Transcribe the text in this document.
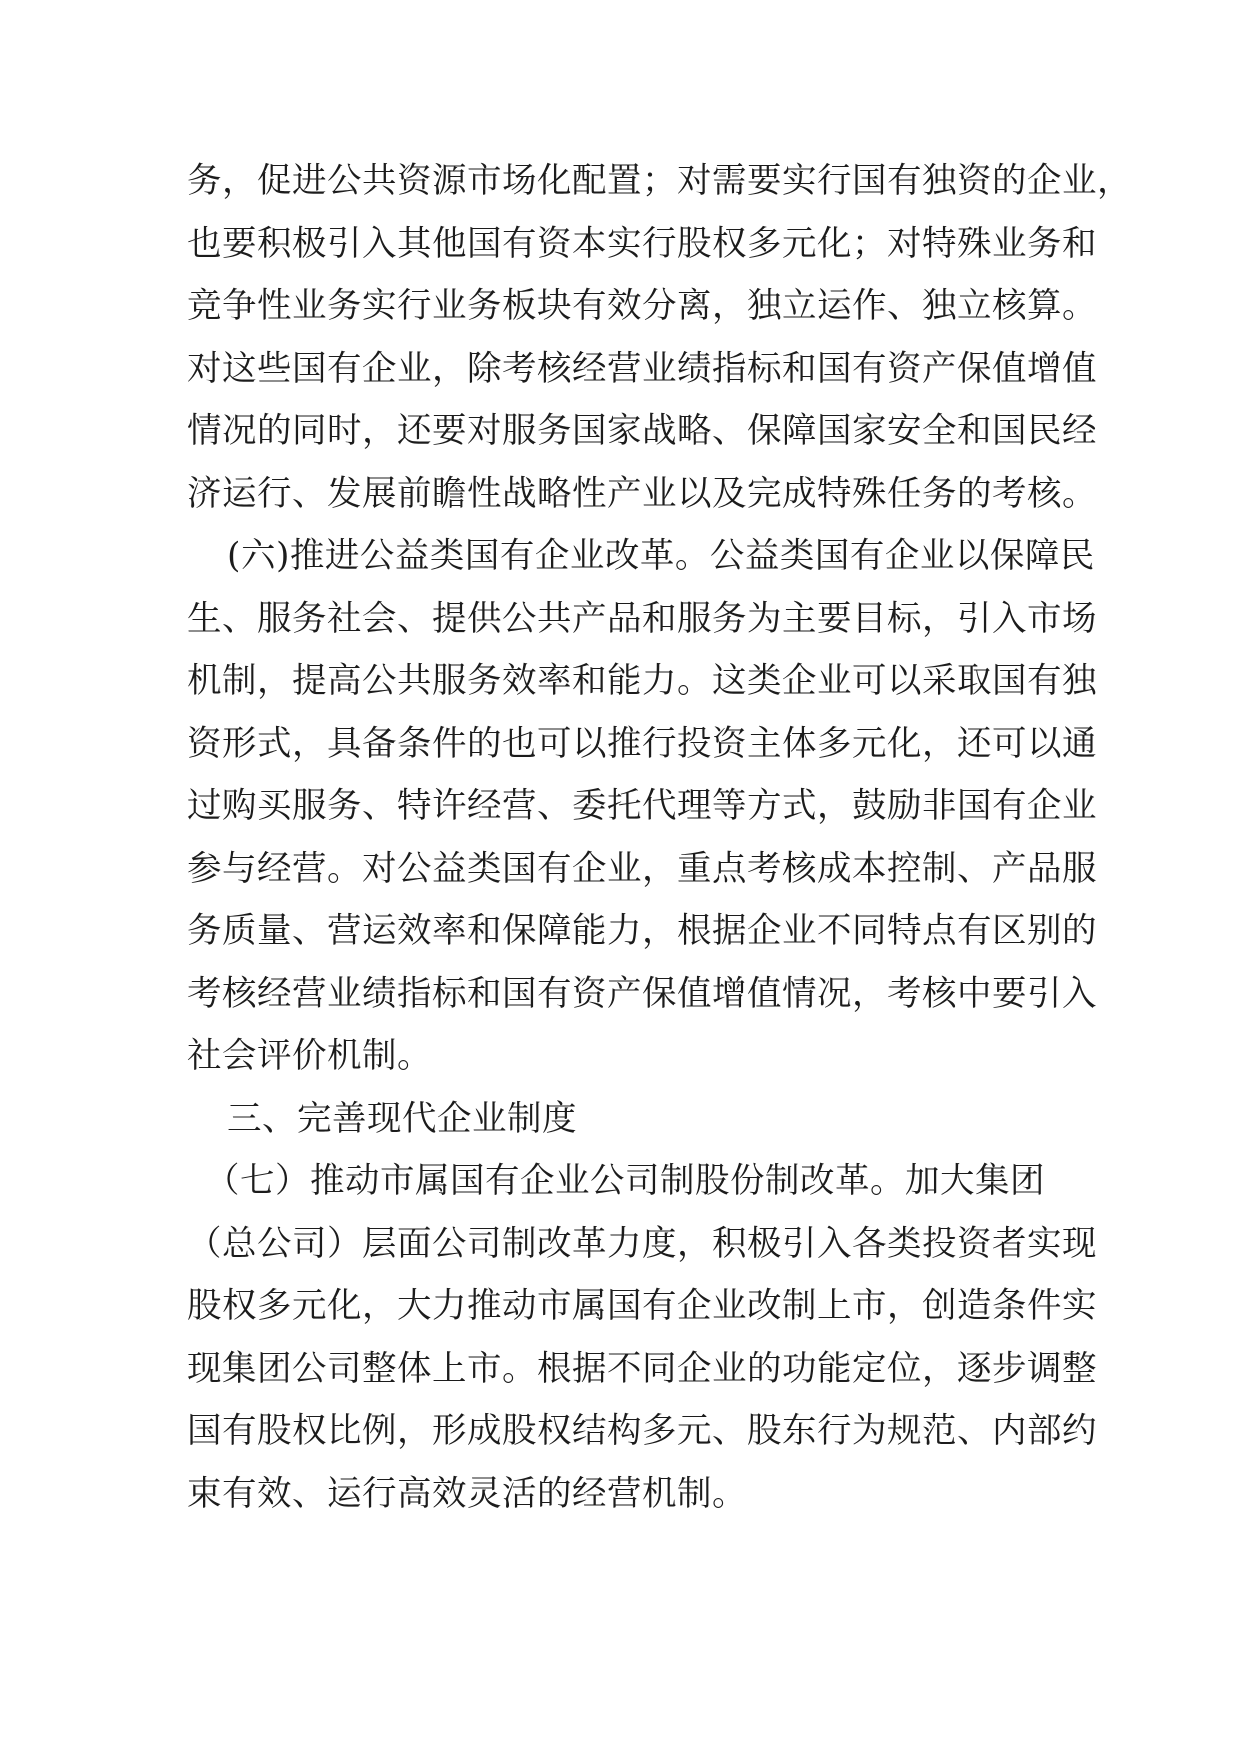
务，促进公共资源市场化配置；对需要实行国有独资的企业，
也要积极引入其他国有资本实行股权多元化；对特殊业务和
竞争性业务实行业务板块有效分离，独立运作、独立核算。
对这些国有企业，除考核经营业绩指标和国有资产保值增值
情况的同时，还要对服务国家战略、保障国家安全和国民经
济运行、发展前瞻性战略性产业以及完成特殊任务的考核。
(六)推进公益类国有企业改革。公益类国有企业以保障民
生、服务社会、提供公共产品和服务为主要目标，引入市场
机制，提高公共服务效率和能力。这类企业可以采取国有独
资形式，具备条件的也可以推行投资主体多元化，还可以通
过购买服务、特许经营、委托代理等方式，鼓励非国有企业
参与经营。对公益类国有企业，重点考核成本控制、产品服
务质量、营运效率和保障能力，根据企业不同特点有区别的
考核经营业绩指标和国有资产保值增值情况，考核中要引入
社会评价机制。
三、完善现代企业制度
（七）推动市属国有企业公司制股份制改革。加大集团
（总公司）层面公司制改革力度，积极引入各类投资者实现
股权多元化，大力推动市属国有企业改制上市，创造条件实
现集团公司整体上市。根据不同企业的功能定位，逐步调整
国有股权比例，形成股权结构多元、股东行为规范、内部约
束有效、运行高效灵活的经营机制。
